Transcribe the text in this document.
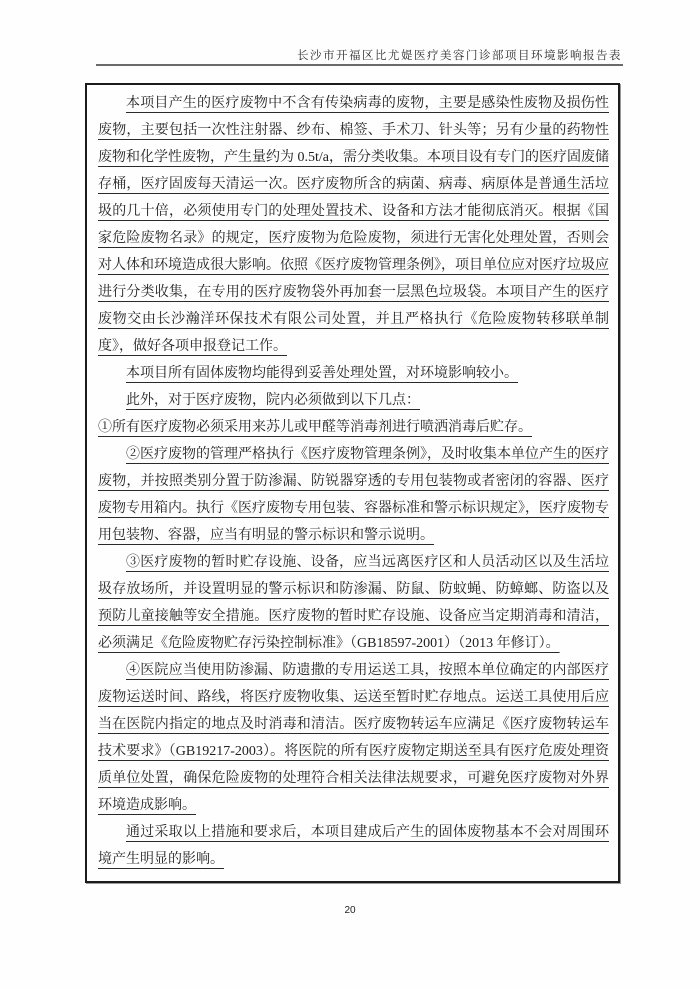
长沙市开福区比尤媞医疗美容门诊部项目环境影响报告表

本项目产生的医疗废物中不含有传染病毒的废物，主要是感染性废物及损伤性废物，主要包括一次性注射器、纱布、棉签、手术刀、针头等；另有少量的药物性废物和化学性废物，产生量约为 0.5t/a，需分类收集。本项目设有专门的医疗固废储存桶，医疗固废每天清运一次。医疗废物所含的病菌、病毒、病原体是普通生活垃圾的几十倍，必须使用专门的处理处置技术、设备和方法才能彻底消灭。根据《国家危险废物名录》的规定，医疗废物为危险废物，须进行无害化处理处置，否则会对人体和环境造成很大影响。依照《医疗废物管理条例》，项目单位应对医疗垃圾应进行分类收集，在专用的医疗废物袋外再加套一层黑色垃圾袋。本项目产生的医疗废物交由长沙瀚洋环保技术有限公司处置，并且严格执行《危险废物转移联单制度》，做好各项申报登记工作。

本项目所有固体废物均能得到妥善处理处置，对环境影响较小。

此外，对于医疗废物，院内必须做到以下几点：

①所有医疗废物必须采用来苏儿或甲醛等消毒剂进行喷洒消毒后贮存。

②医疗废物的管理严格执行《医疗废物管理条例》，及时收集本单位产生的医疗废物，并按照类别分置于防渗漏、防锐器穿透的专用包装物或者密闭的容器、医疗废物专用箱内。执行《医疗废物专用包装、容器标准和警示标识规定》，医疗废物专用包装物、容器，应当有明显的警示标识和警示说明。

③医疗废物的暂时贮存设施、设备，应当远离医疗区和人员活动区以及生活垃圾存放场所，并设置明显的警示标识和防渗漏、防鼠、防蚊蝇、防蟑螂、防盗以及预防儿童接触等安全措施。医疗废物的暂时贮存设施、设备应当定期消毒和清洁，必须满足《危险废物贮存污染控制标准》（GB18597-2001）（2013 年修订）。

④医院应当使用防渗漏、防遗撒的专用运送工具，按照本单位确定的内部医疗废物运送时间、路线，将医疗废物收集、运送至暂时贮存地点。运送工具使用后应当在医院内指定的地点及时消毒和清洁。医疗废物转运车应满足《医疗废物转运车技术要求》（GB19217-2003）。将医院的所有医疗废物定期送至具有医疗危废处理资质单位处置，确保危险废物的处理符合相关法律法规要求，可避免医疗废物对外界环境造成影响。

通过采取以上措施和要求后，本项目建成后产生的固体废物基本不会对周围环境产生明显的影响。

20
